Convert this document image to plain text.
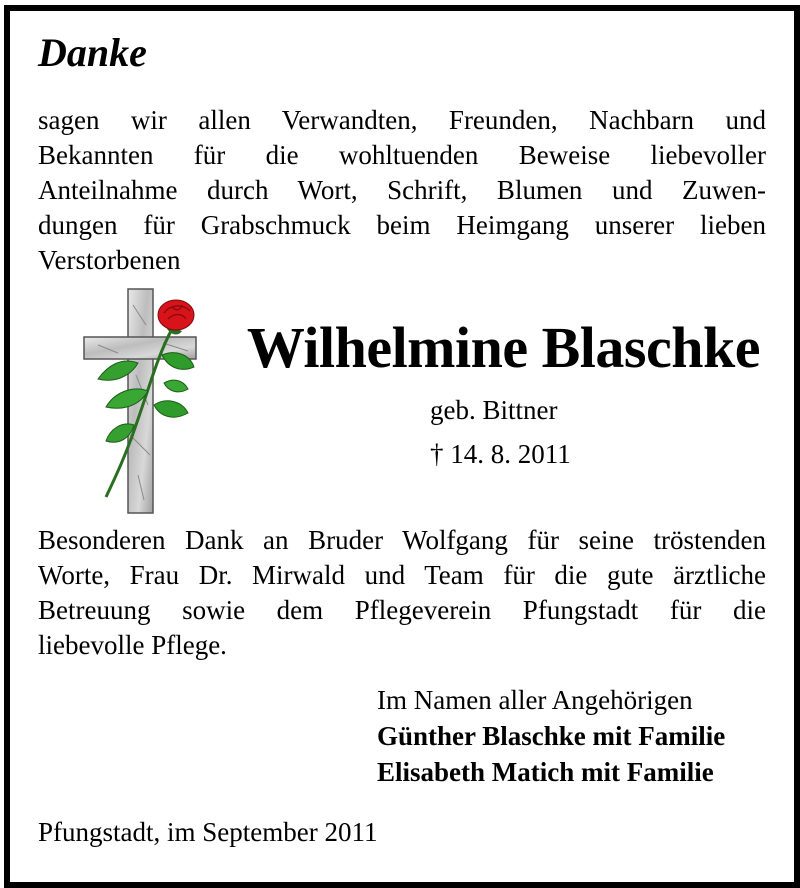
Danke

sagen wir allen Verwandten, Freunden, Nachbarn und
Bekannten für die wohltuenden Beweise liebevoller
Anteilnahme durch Wort, Schrift, Blumen und Zuwen-
dungen für Grabschmuck beim Heimgang unserer lieben
Verstorbenen

Wilhelmine Blaschke

geb. Bittner

† 14. 8. 2011

Besonderen Dank an Bruder Wolfgang für seine tröstenden
Worte, Frau Dr. Mirwald und Team für die gute ärztliche
Betreuung sowie dem Pflegeverein Pfungstadt für die
liebevolle Pflege.

Im Namen aller Angehörigen

Günther Blaschke mit Familie

Elisabeth Matich mit Familie

Pfungstadt, im September 2011
